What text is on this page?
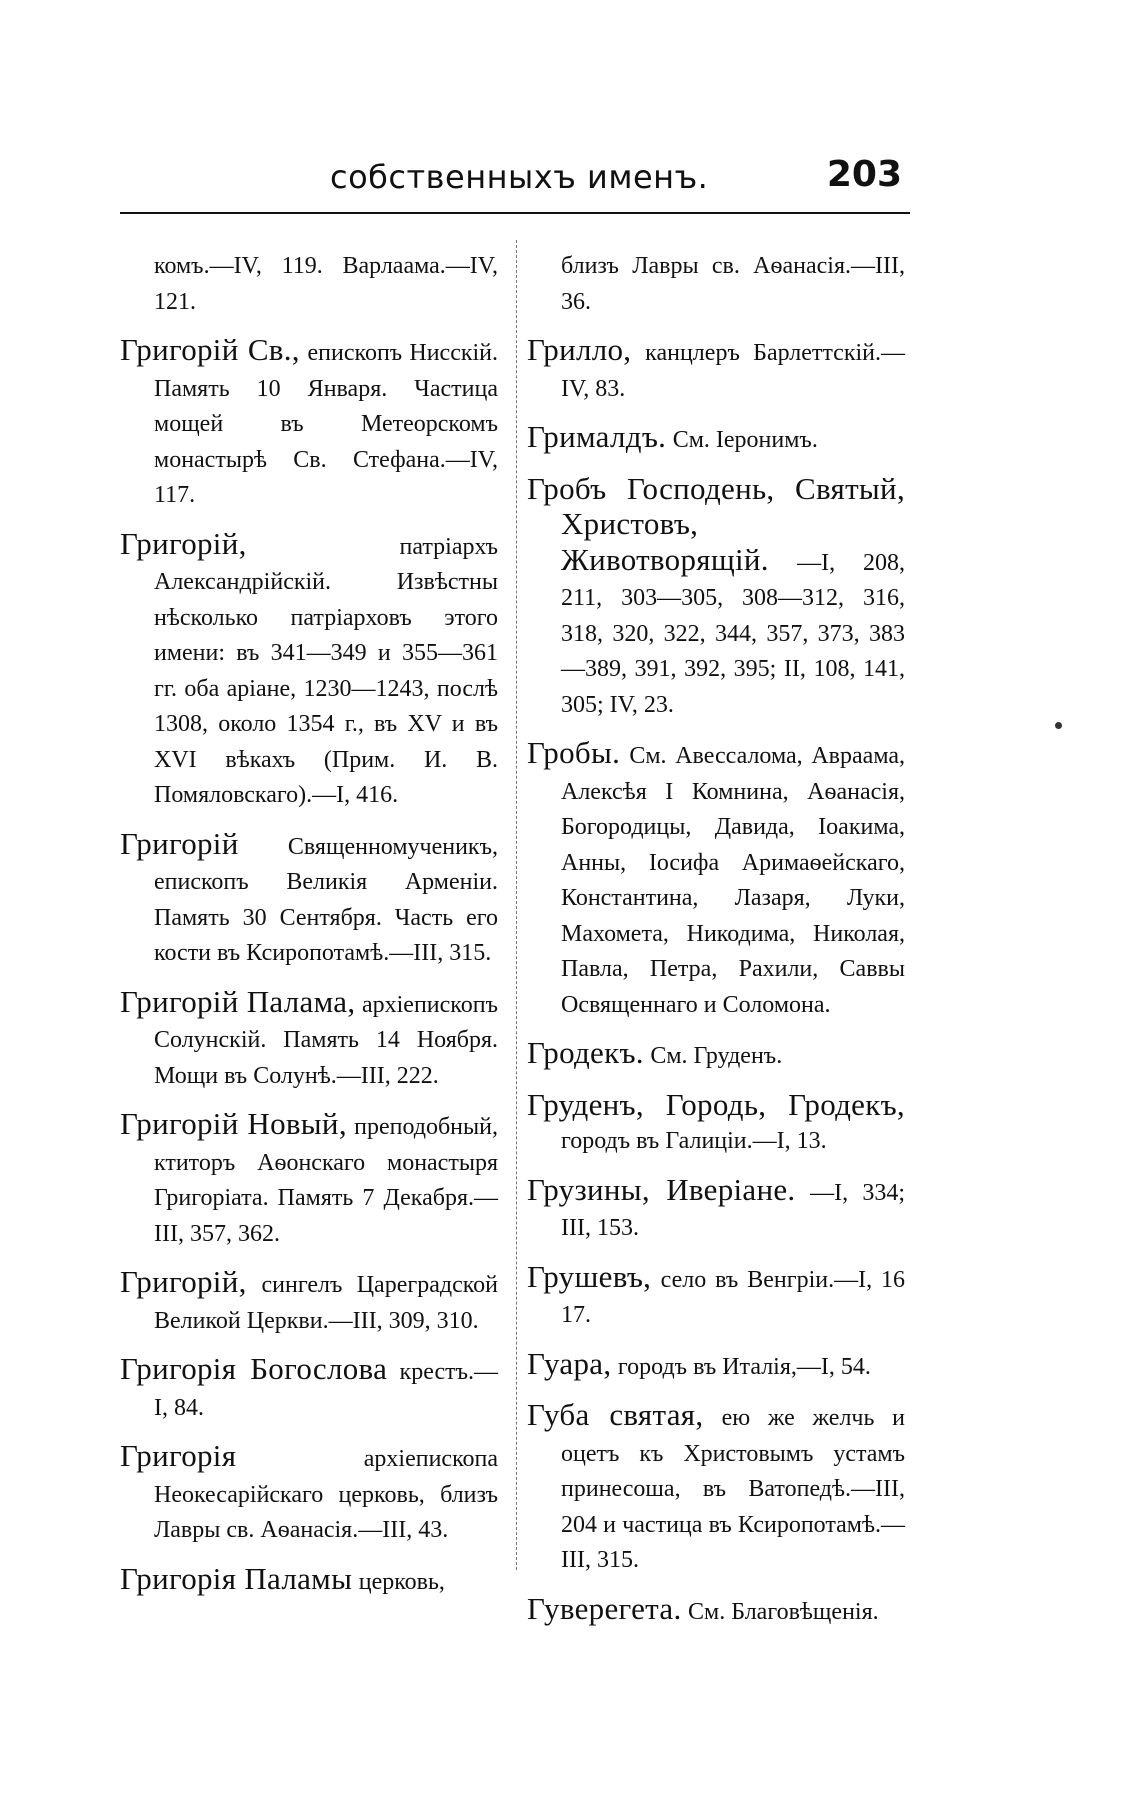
собственныхъ именъ.	203

комъ.—IV, 119. Варлаама.—IV, 121.

Григорій Св., епископъ Нисскій. Память 10 Января. Частица мощей въ Метеорскомъ монастырѣ Св. Стефана.—IV, 117.

Григорій,	патріархъ Александрійскій. Извѣстны нѣсколько патріарховъ этого имени: въ 341—349 и 355—361 гг. оба аріане, 1230—1243, послѣ 1308, около 1354 г., въ XV и въ XVI вѣкахъ (Прим. И. В. Помяловскаго).—I, 416.

Григорій Священномученикъ, епископъ Великія Арменіи. Память 30 Сентября. Часть его кости въ Ксиропотамѣ.—III, 315.

Григорій Палама, архіепископъ Солунскій. Память 14 Ноября. Мощи въ Солунѣ.—III, 222.

Григорій Новый, преподобный, ктиторъ Аѳонскаго монастыря Григоріата. Память 7 Декабря.—III, 357, 362.

Григорій, сингелъ Цареградской Великой Церкви.—III, 309, 310.

Григорія Богослова крестъ.—I, 84.

Григорія	архіепископа Неокесарійскаго церковь, близъ Лавры св. Аѳанасія.—III, 43.

Григорія Паламы церковь,

близъ Лавры св. Аѳанасія.—III, 36.

Грилло, канцлеръ Барлеттскій.—IV, 83.

Грималдъ. См. Іеронимъ.

Гробъ Господень, Святый, Христовъ, Животворящій. —I, 208, 211, 303—305, 308—312, 316, 318, 320, 322, 344, 357, 373, 383—389, 391, 392, 395; II, 108, 141, 305; IV, 23.

Гробы. См. Авессалома, Авраама, Алексѣя I Комнина, Аѳанасія, Богородицы, Давида, Іоакима, Анны, Іосифа Аримаѳейскаго, Константина, Лазаря, Луки, Махомета, Никодима, Николая, Павла, Петра, Рахили, Саввы Освященнаго и Соломона.

Гродекъ. См. Груденъ.

Груденъ, Городь, Гродекъ, городъ въ Галиціи.—I, 13.

Грузины, Иверіане. —I, 334; III, 153.

Грушевъ, село въ Венгріи.—I, 16 17.

Гуара, городъ въ Италія,—I, 54.

Губа святая, ею же желчь и оцетъ къ Христовымъ устамъ принесоша, въ Ватопедѣ.—III, 204 и частица въ Ксиропотамѣ.—III, 315.

Гуверегета. См. Благовѣщенія.
